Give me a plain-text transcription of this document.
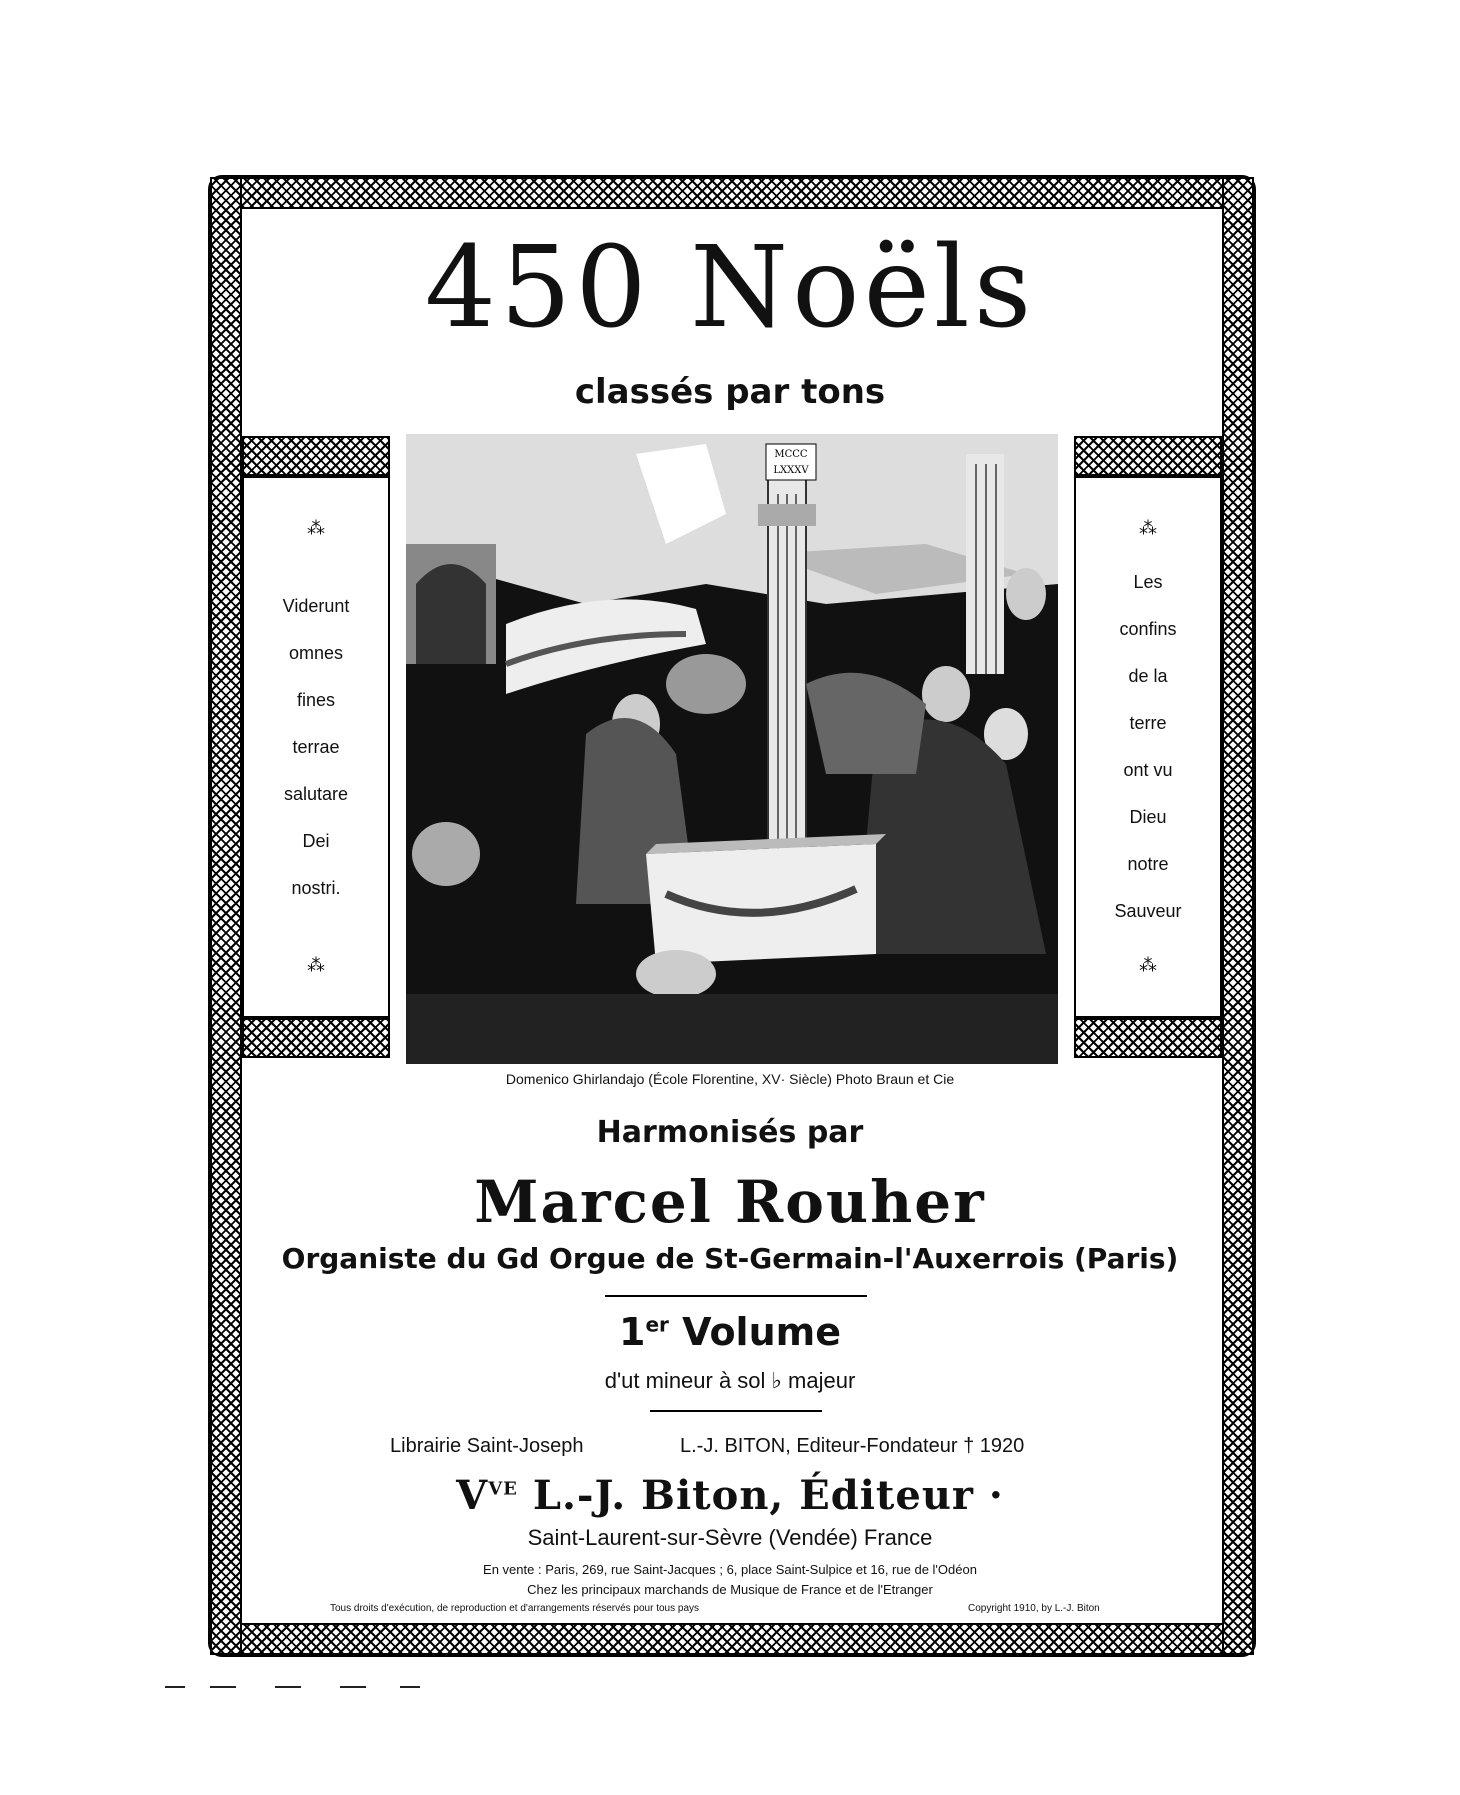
450 Noëls
classés par tons
⁂
Viderunt
omnes
fines
terrae
salutare
Dei
nostri.
⁂
MCCC
LXXXV
⁂
Les
confins
de la
terre
ont vu
Dieu
notre
Sauveur
⁂
Domenico Ghirlandajo (École Florentine, XV· Siècle) Photo Braun et Cie
Harmonisés par
Marcel Rouher
Organiste du Gd Orgue de St-Germain-l'Auxerrois (Paris)
1er Volume
d'ut mineur à sol ♭ majeur
Librairie Saint-Joseph	L.-J. BITON, Editeur-Fondateur † 1920
$V^{VE}$ L.-J. Biton, Éditeur ·
Saint-Laurent-sur-Sèvre (Vendée) France
En vente : Paris, 269, rue Saint-Jacques ; 6, place Saint-Sulpice et 16, rue de l'Odéon
Chez les principaux marchands de Musique de France et de l'Etranger
Tous droits d'exécution, de reproduction et d'arrangements réservés pour tous pays	Copyright 1910, by L.-J. Biton
